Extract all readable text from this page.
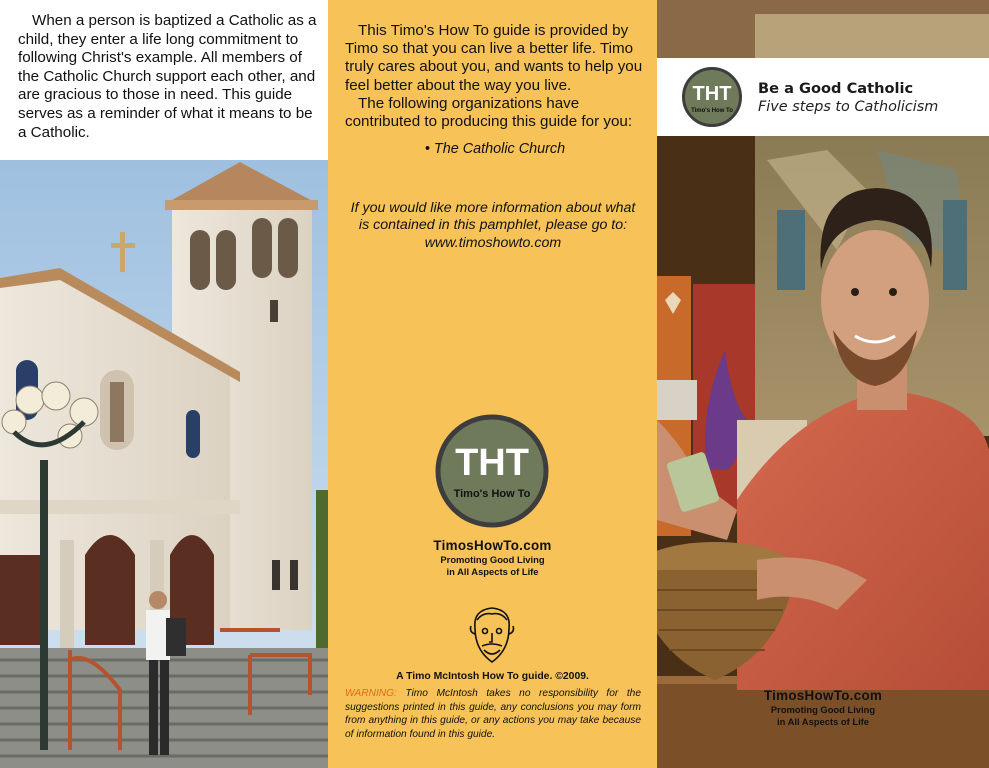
When a person is baptized a Catholic as a child, they enter a life long commitment to following Christ's example. All members of the Catholic Church support each other, and are gracious to those in need. This guide serves as a reminder of what it means to be a Catholic.

This Timo's How To guide is provided by Timo so that you can live a better life. Timo truly cares about you, and wants to help you feel better about the way you live.

The following organizations have contributed to producing this guide for you:

• The Catholic Church
If you would like more information about what is contained in this pamphlet, please go to: www.timoshowto.com
THT
Timo's How To
TimosHowTo.com
Promoting Good Living
in All Aspects of Life
A Timo McIntosh How To guide. ©2009.

WARNING: Timo McIntosh takes no responsibility for the suggestions printed in this guide, any conclusions you may form from anything in this guide, or any actions you may take because of information found in this guide.

THT
Timo's How To
Be a Good Catholic
Five steps to Catholicism
TimosHowTo.com
Promoting Good Living
in All Aspects of Life
